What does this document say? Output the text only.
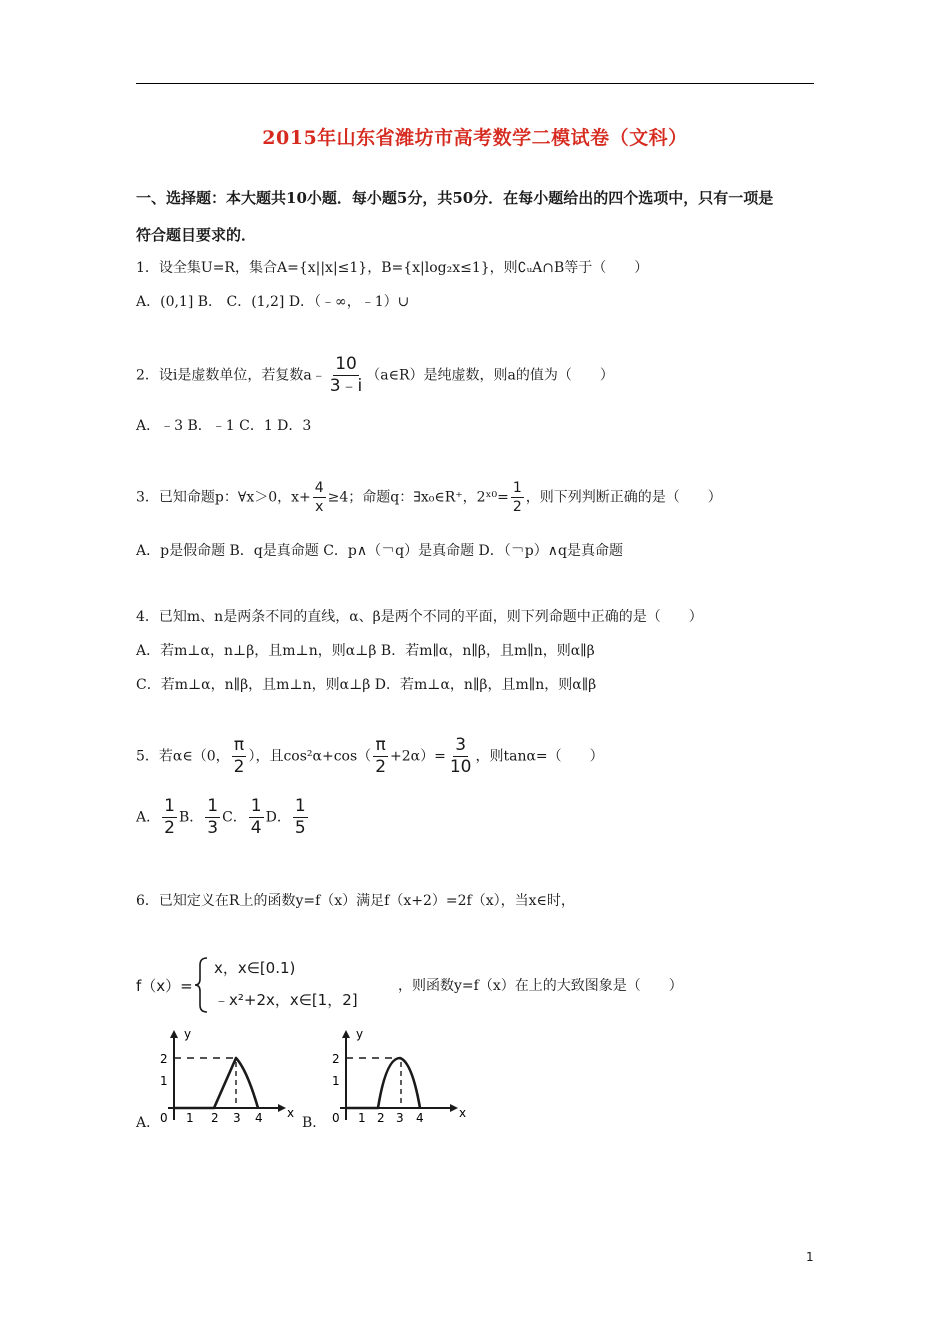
2015年山东省潍坊市高考数学二模试卷（文科）
一、选择题：本大题共10小题．每小题5分，共50分．在每小题给出的四个选项中，只有一项是
符合题目要求的．
1．设全集U=R，集合A={x||x|≤1}，B={x|log₂x≤1}，则∁ᵤA∩B等于（　　）
A．(0,1] B． C．(1,2] D．（﹣∞，﹣1）∪
2．设i是虚数单位，若复数a﹣ $\frac{10}{3﹣i}$ （a∈R）是纯虚数，则a的值为（　　）
A．﹣3 B．﹣1 C．1 D．3
3．已知命题p：∀x＞0，$x+ \frac{4}{x} \ge 4$；命题q：∃x₀∈R⁺，2ˣ⁰= $\frac{1}{2}$ ，则下列判断正确的是（　　）
A．p是假命题 B．q是真命题 C．p∧（￢q）是真命题 D．（￢p）∧q是真命题
4．已知m、n是两条不同的直线，α、β是两个不同的平面，则下列命题中正确的是（　　）
A．若m⊥α，n⊥β，且m⊥n，则α⊥β B．若m∥α，n∥β，且m∥n，则α∥β
C．若m⊥α，n∥β，且m⊥n，则α⊥β D．若m⊥α，n∥β，且m∥n，则α∥β
5．若α∈（0， $\frac{\pi}{2}$ ），且$\cos^2\alpha+\cos( \frac{\pi}{2} +2\alpha)= \frac{3}{10}$ ，则tanα=（　　）
A． $\frac{1}{2}$ B． $\frac{1}{3}$ C． $\frac{1}{4}$ D． $\frac{1}{5}$
6．已知定义在R上的函数y=f（x）满足f（x+2）=2f（x），当x∈时，
f（x）=
x，x∈[0.1)
﹣x²+2x，x∈[1，2]
，则函数y=f（x）在上的大致图象是（　　）
A．	B．
y
x
0
1
2
1 2 3 4
y
x
0
1
2
1 2 3 4
1
